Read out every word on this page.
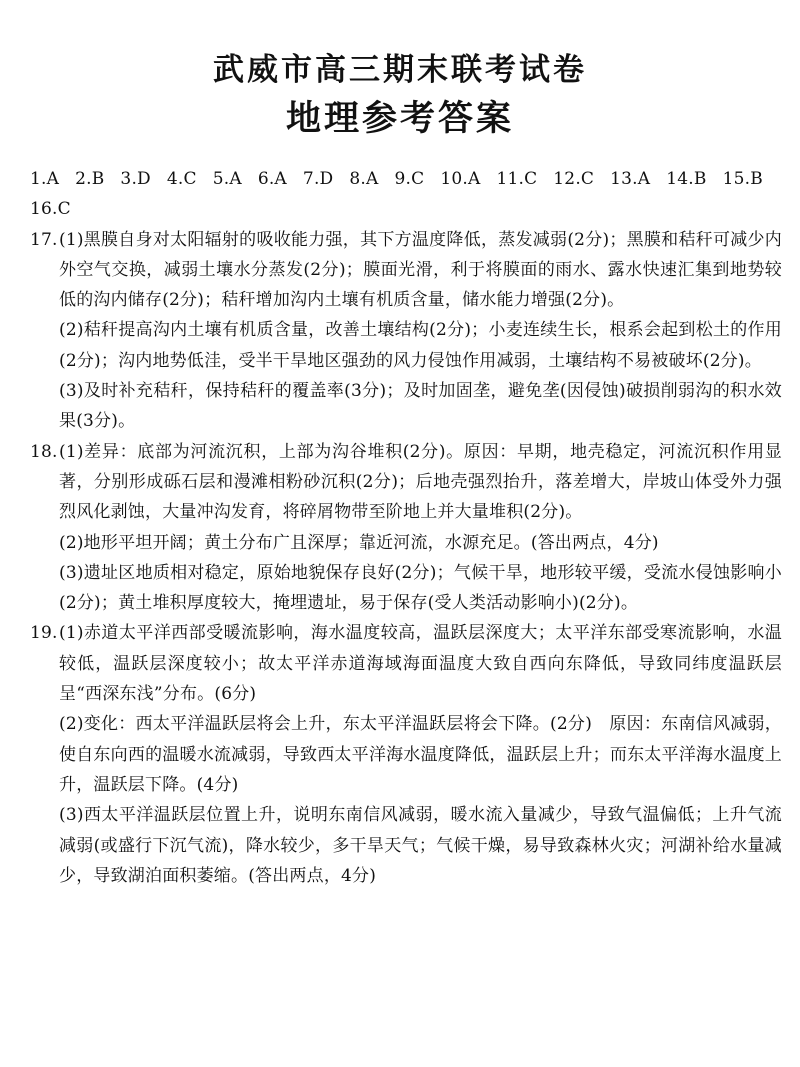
武威市高三期末联考试卷
地理参考答案
1.A 2.B 3.D 4.C 5.A 6.A 7.D 8.A 9.C 10.A 11.C 12.C 13.A 14.B 15.B
16.C
17. (1)黑膜自身对太阳辐射的吸收能力强，其下方温度降低，蒸发减弱(2分)；黑膜和秸秆可减少内外空气交换，减弱土壤水分蒸发(2分)；膜面光滑，利于将膜面的雨水、露水快速汇集到地势较低的沟内储存(2分)；秸秆增加沟内土壤有机质含量，储水能力增强(2分)。

(2)秸秆提高沟内土壤有机质含量，改善土壤结构(2分)；小麦连续生长，根系会起到松土的作用(2分)；沟内地势低洼，受半干旱地区强劲的风力侵蚀作用减弱，土壤结构不易被破坏(2分)。

(3)及时补充秸秆，保持秸秆的覆盖率(3分)；及时加固垄，避免垄(因侵蚀)破损削弱沟的积水效果(3分)。

18. (1)差异：底部为河流沉积，上部为沟谷堆积(2分)。原因：早期，地壳稳定，河流沉积作用显著，分别形成砾石层和漫滩相粉砂沉积(2分)；后地壳强烈抬升，落差增大，岸坡山体受外力强烈风化剥蚀，大量冲沟发育，将碎屑物带至阶地上并大量堆积(2分)。

(2)地形平坦开阔；黄土分布广且深厚；靠近河流，水源充足。(答出两点，4分)

(3)遗址区地质相对稳定，原始地貌保存良好(2分)；气候干旱，地形较平缓，受流水侵蚀影响小(2分)；黄土堆积厚度较大，掩埋遗址，易于保存(受人类活动影响小)(2分)。

19. (1)赤道太平洋西部受暖流影响，海水温度较高，温跃层深度大；太平洋东部受寒流影响，水温较低，温跃层深度较小；故太平洋赤道海域海面温度大致自西向东降低，导致同纬度温跃层呈“西深东浅”分布。(6分)

(2)变化：西太平洋温跃层将会上升，东太平洋温跃层将会下降。(2分)　原因：东南信风减弱，使自东向西的温暖水流减弱，导致西太平洋海水温度降低，温跃层上升；而东太平洋海水温度上升，温跃层下降。(4分)

(3)西太平洋温跃层位置上升，说明东南信风减弱，暖水流入量减少，导致气温偏低；上升气流减弱(或盛行下沉气流)，降水较少，多干旱天气；气候干燥，易导致森林火灾；河湖补给水量减少，导致湖泊面积萎缩。(答出两点，4分)
